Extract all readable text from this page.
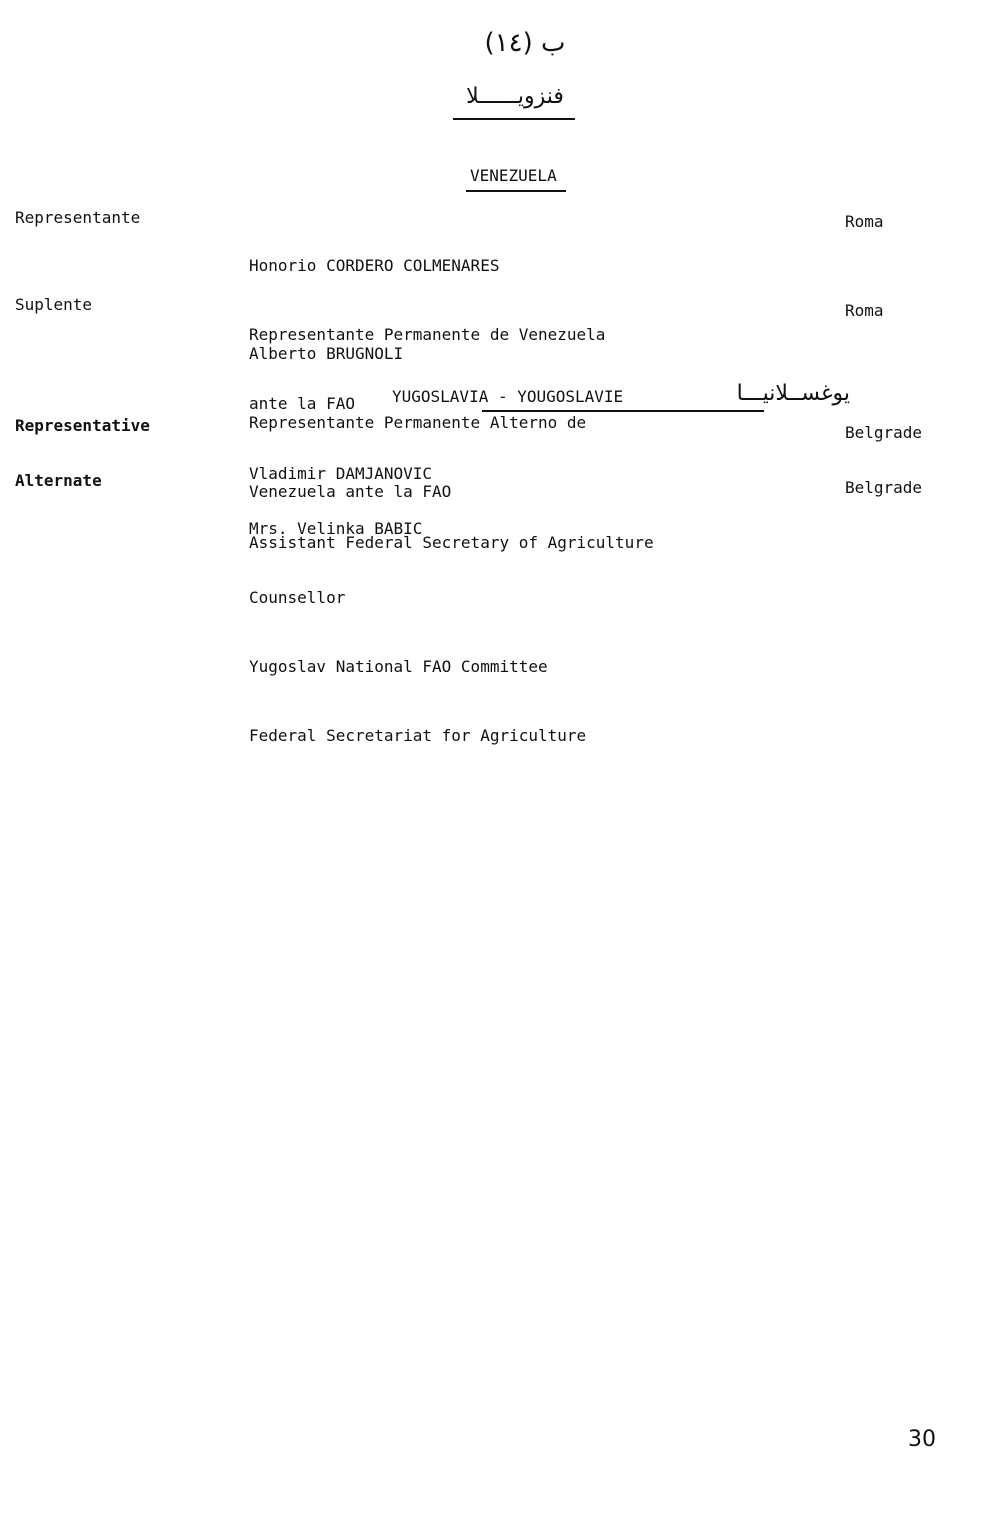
ب (١٤)
فنزويــــــلا
VENEZUELA
Representante

Honorio CORDERO COLMENARES

Representante Permanente de Venezuela

ante la FAO

Roma
Suplente

Alberto BRUGNOLI

Representante Permanente Alterno de

Venezuela ante la FAO

Roma
YUGOSLAVIA - YOUGOSLAVIE	يوغســلانيـــا
Representative

Vladimir DAMJANOVIC

Assistant Federal Secretary of Agriculture

Belgrade
Alternate

Mrs. Velinka BABIC

Counsellor

Yugoslav National FAO Committee

Federal Secretariat for Agriculture

Belgrade
30
